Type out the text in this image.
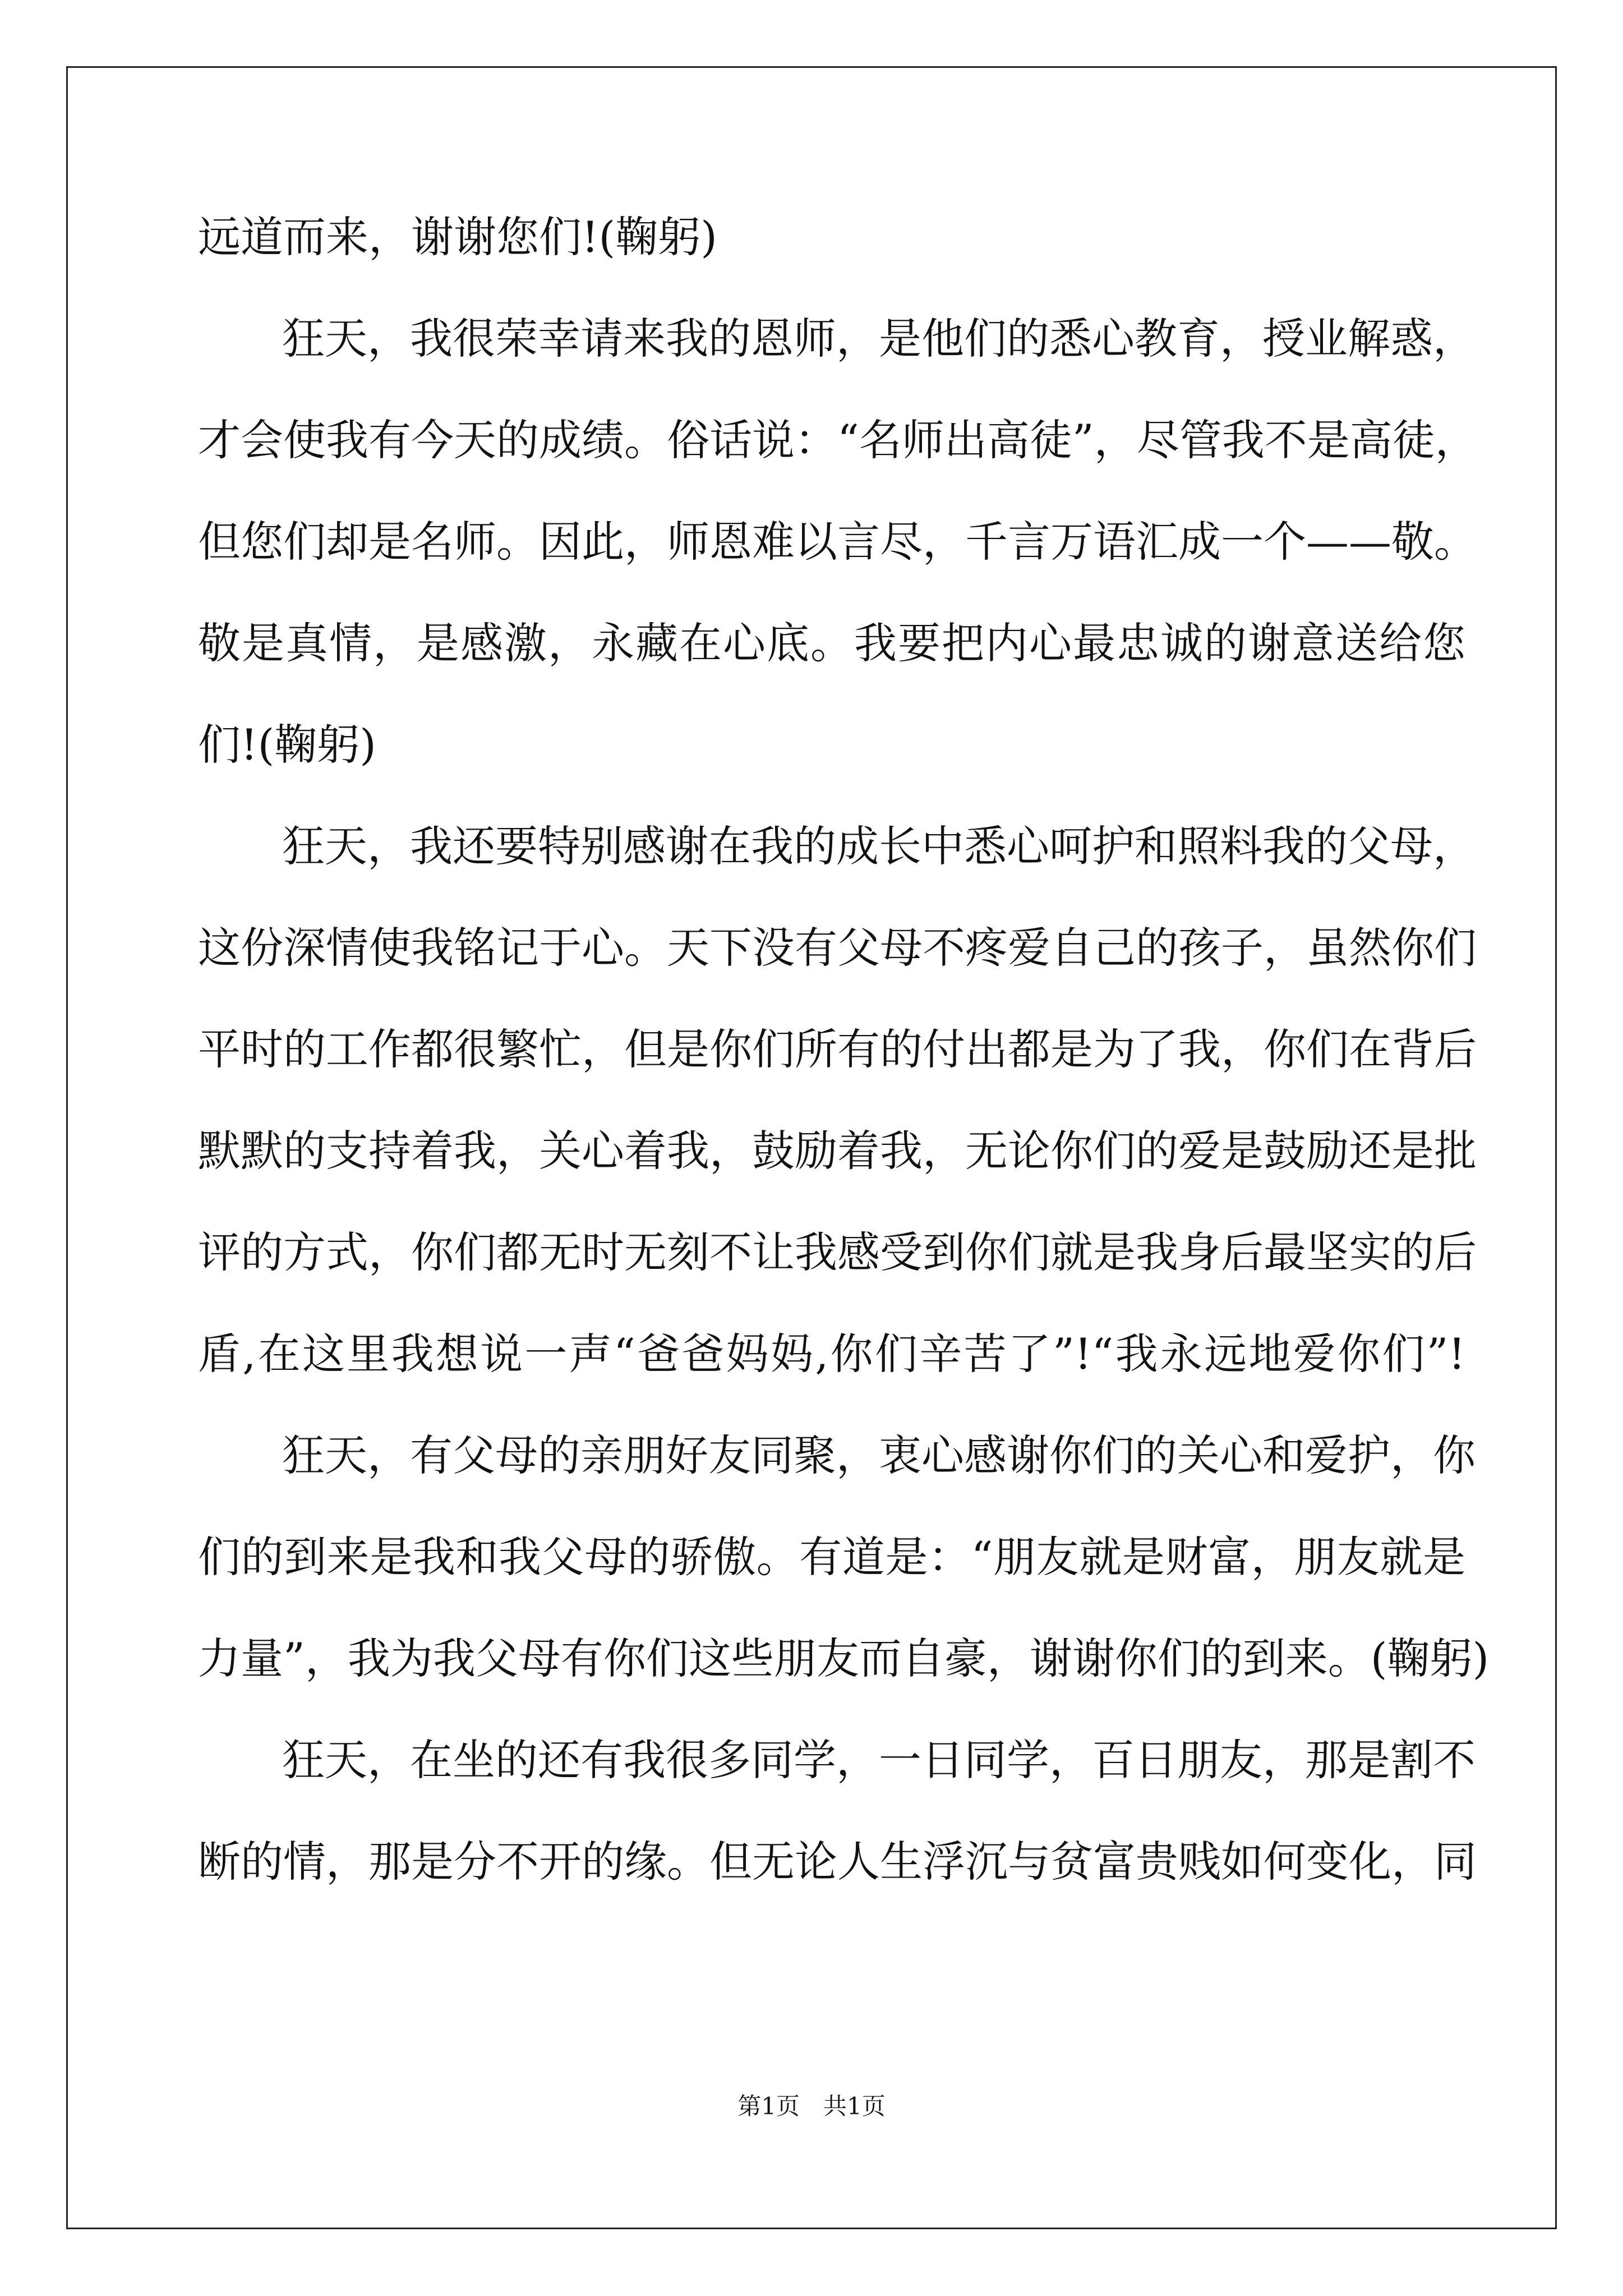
远道而来，谢谢您们!(鞠躬)
狂天，我很荣幸请来我的恩师，是他们的悉心教育，授业解惑，
才会使我有今天的成绩。俗话说：“名师出高徒”，尽管我不是高徒，
但您们却是名师。因此，师恩难以言尽，千言万语汇成一个——敬。
敬是真情，是感激，永藏在心底。我要把内心最忠诚的谢意送给您
们!(鞠躬)
狂天，我还要特别感谢在我的成长中悉心呵护和照料我的父母，
这份深情使我铭记于心。天下没有父母不疼爱自己的孩子，虽然你们
平时的工作都很繁忙，但是你们所有的付出都是为了我，你们在背后
默默的支持着我，关心着我，鼓励着我，无论你们的爱是鼓励还是批
评的方式，你们都无时无刻不让我感受到你们就是我身后最坚实的后
盾,在这里我想说一声“爸爸妈妈,你们辛苦了”!“我永远地爱你们”!
狂天，有父母的亲朋好友同聚，衷心感谢你们的关心和爱护，你
们的到来是我和我父母的骄傲。有道是：“朋友就是财富，朋友就是
力量”，我为我父母有你们这些朋友而自豪，谢谢你们的到来。(鞠躬)
狂天，在坐的还有我很多同学，一日同学，百日朋友，那是割不
断的情，那是分不开的缘。但无论人生浮沉与贫富贵贱如何变化，同
第1页　共1页
